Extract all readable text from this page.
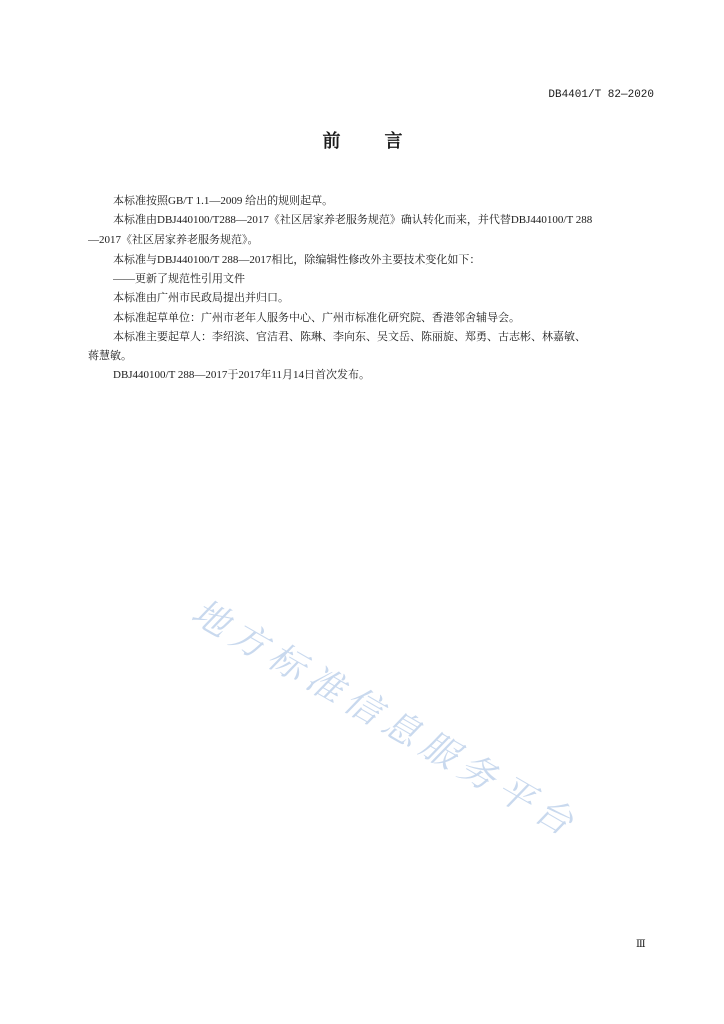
DB4401/T 82—2020
前　言
本标准按照GB/T 1.1—2009 给出的规则起草。
本标准由DBJ440100/T288—2017《社区居家养老服务规范》确认转化而来，并代替DBJ440100/T 288
—2017《社区居家养老服务规范》。
本标准与DBJ440100/T 288—2017相比，除编辑性修改外主要技术变化如下：
——更新了规范性引用文件
本标准由广州市民政局提出并归口。
本标准起草单位：广州市老年人服务中心、广州市标准化研究院、香港邻舍辅导会。
本标准主要起草人：李绍滨、官洁君、陈琳、李向东、吴文岳、陈丽旋、郑勇、古志彬、林嘉敏、
蒋慧敏。
DBJ440100/T 288—2017于2017年11月14日首次发布。
地方标准信息服务平台
Ⅲ
